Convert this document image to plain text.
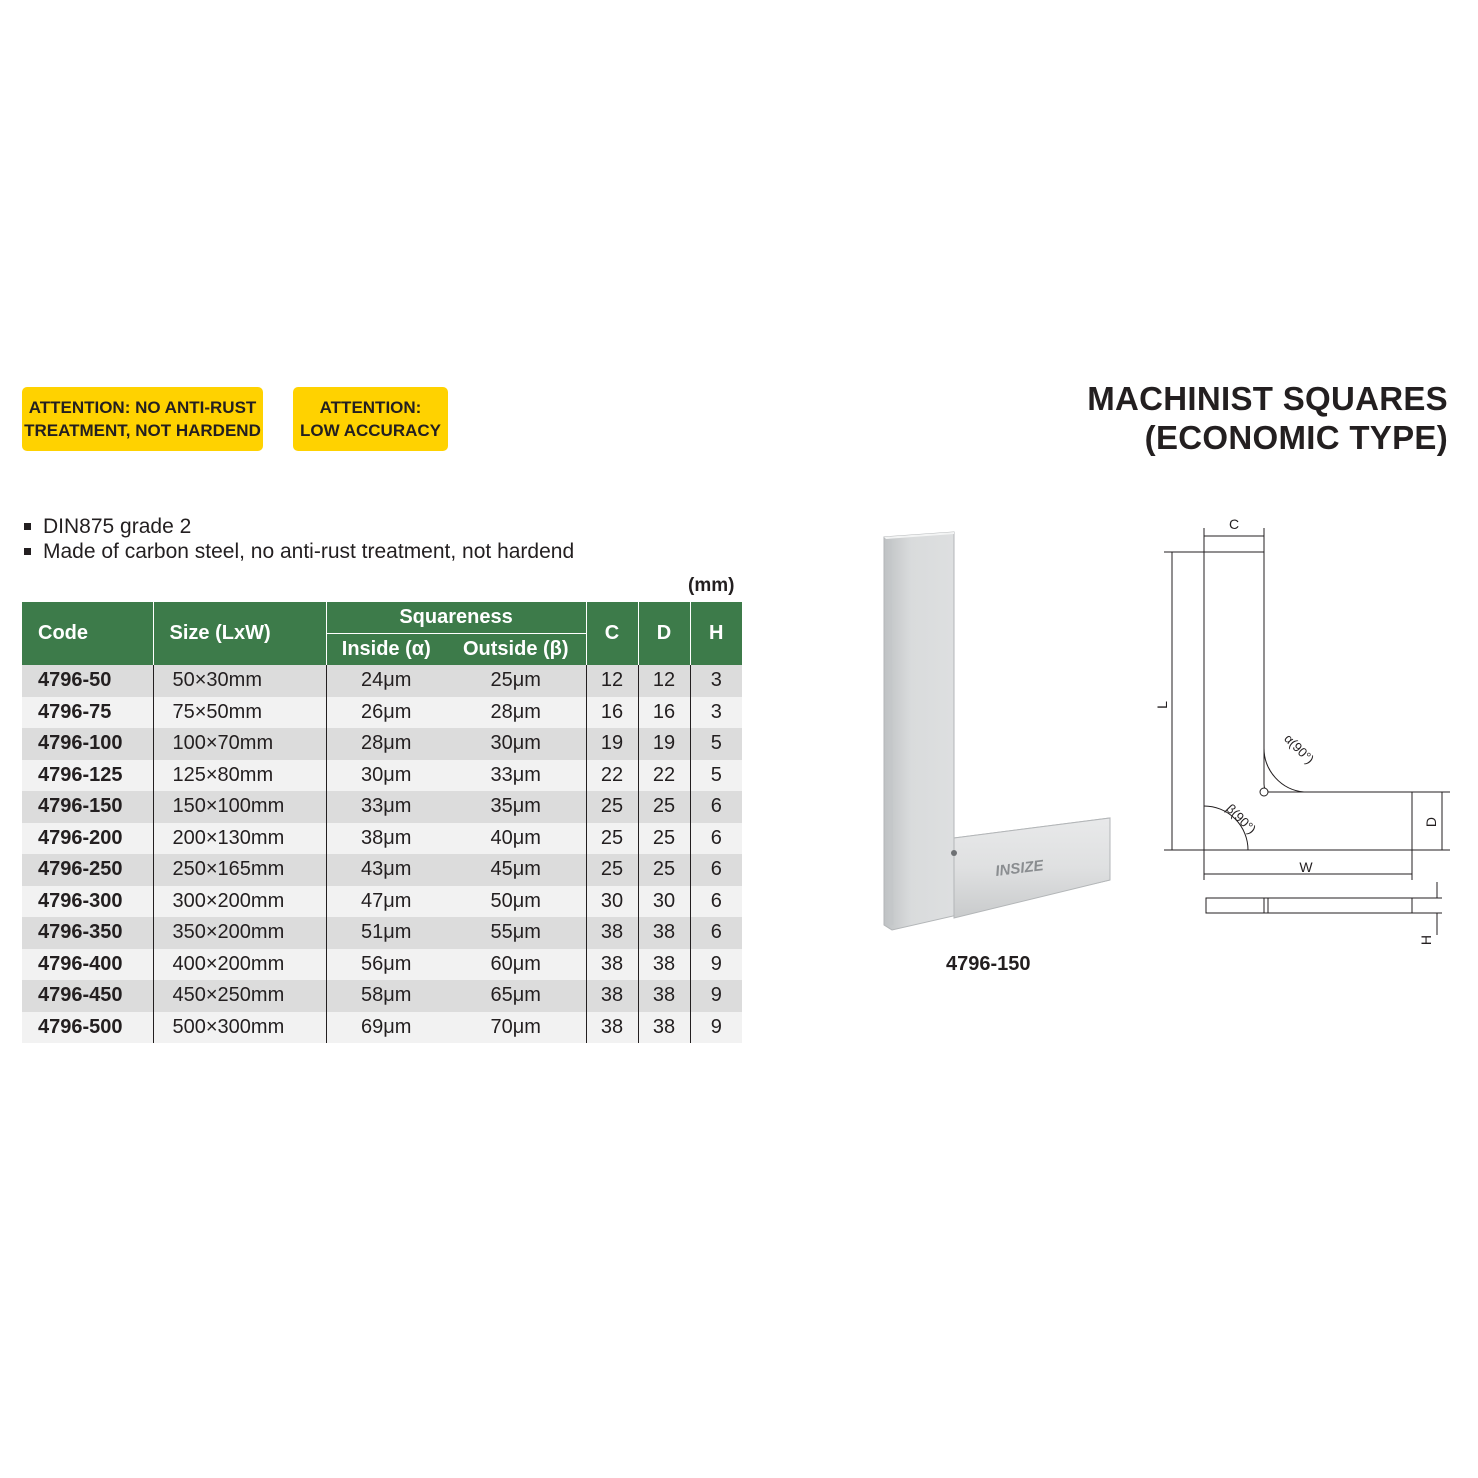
ATTENTION: NO ANTI-RUST
TREATMENT, NOT HARDEND
ATTENTION:
LOW ACCURACY
MACHINIST SQUARES
(ECONOMIC TYPE)
DIN875 grade 2
Made of carbon steel, no anti-rust treatment, not hardend
(mm)
Code	Size (LxW)	Squareness		C	D	H
		Inside (α)	Outside (β)			
4796-50	50×30mm	24μm	25μm	12	12	3
4796-75	75×50mm	26μm	28μm	16	16	3
4796-100	100×70mm	28μm	30μm	19	19	5
4796-125	125×80mm	30μm	33μm	22	22	5
4796-150	150×100mm	33μm	35μm	25	25	6
4796-200	200×130mm	38μm	40μm	25	25	6
4796-250	250×165mm	43μm	45μm	25	25	6
4796-300	300×200mm	47μm	50μm	30	30	6
4796-350	350×200mm	51μm	55μm	38	38	6
4796-400	400×200mm	56μm	60μm	38	38	9
4796-450	450×250mm	58μm	65μm	38	38	9
4796-500	500×300mm	69μm	70μm	38	38	9
INSIZE
4796-150
C
L
α(90°)
β(90°)	D
W
H
